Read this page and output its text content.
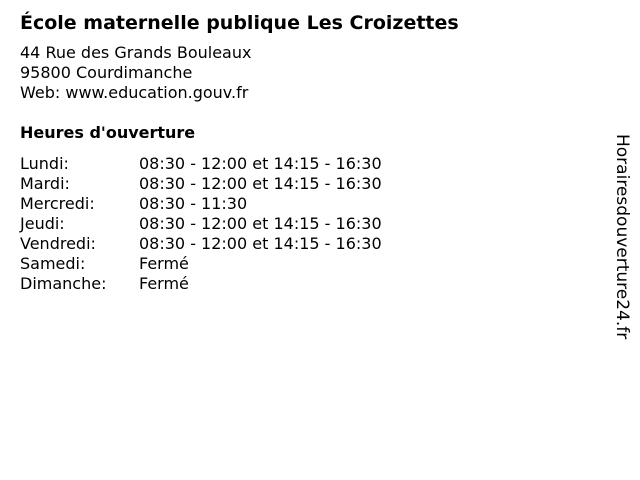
École maternelle publique Les Croizettes
44 Rue des Grands Bouleaux
95800 Courdimanche
Web: www.education.gouv.fr
Heures d'ouverture
Lundi:	08:30 - 12:00 et 14:15 - 16:30
Mardi:	08:30 - 12:00 et 14:15 - 16:30
Mercredi:	08:30 - 11:30
Jeudi:	08:30 - 12:00 et 14:15 - 16:30
Vendredi:	08:30 - 12:00 et 14:15 - 16:30
Samedi:	Fermé
Dimanche:	Fermé	Horairesdouverture24.fr
